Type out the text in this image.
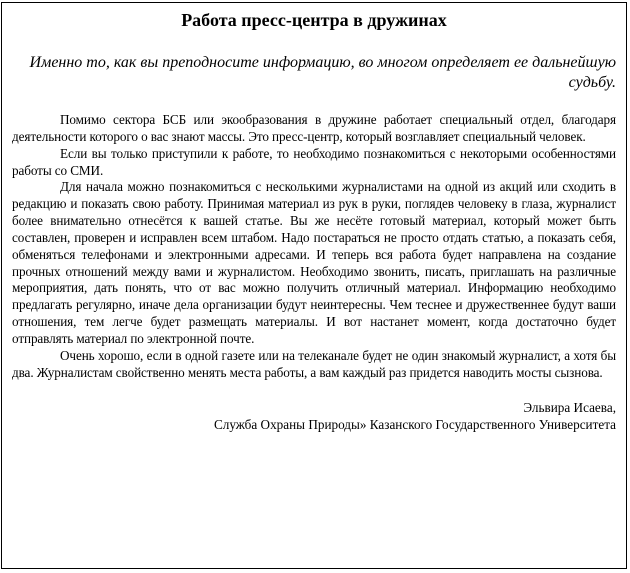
Работа пресс-центра в дружинах
Именно то, как вы преподносите информацию, во многом определяет ее дальнейшую судьбу.

Помимо сектора БСБ или экообразования в дружине работает специальный отдел, благодаря деятельности которого о вас знают массы. Это пресс-центр, который возглавляет специальный человек.

Если вы только приступили к работе, то необходимо познакомиться с некоторыми особенностями работы со СМИ.

Для начала можно познакомиться с несколькими журналистами на одной из акций или сходить в редакцию и показать свою работу. Принимая материал из рук в руки, поглядев человеку в глаза, журналист более внимательно отнесётся к вашей статье. Вы же несёте готовый материал, который может быть составлен, проверен и исправлен всем штабом. Надо постараться не просто отдать статью, а показать себя, обменяться телефонами и электронными адресами. И теперь вся работа будет направлена на создание прочных отношений между вами и журналистом. Необходимо звонить, писать, приглашать на различные мероприятия, дать понять, что от вас можно получить отличный материал. Информацию необходимо предлагать регулярно, иначе дела организации будут неинтересны. Чем теснее и дружественнее будут ваши отношения, тем легче будет размещать материалы. И вот настанет момент, когда достаточно будет отправлять материал по электронной почте.

Очень хорошо, если в одной газете или на телеканале будет не один знакомый журналист, а хотя бы два. Журналистам свойственно менять места работы, а вам каждый раз придется наводить мосты сызнова.

Эльвира Исаева,
Служба Охраны Природы» Казанского Государственного Университета
